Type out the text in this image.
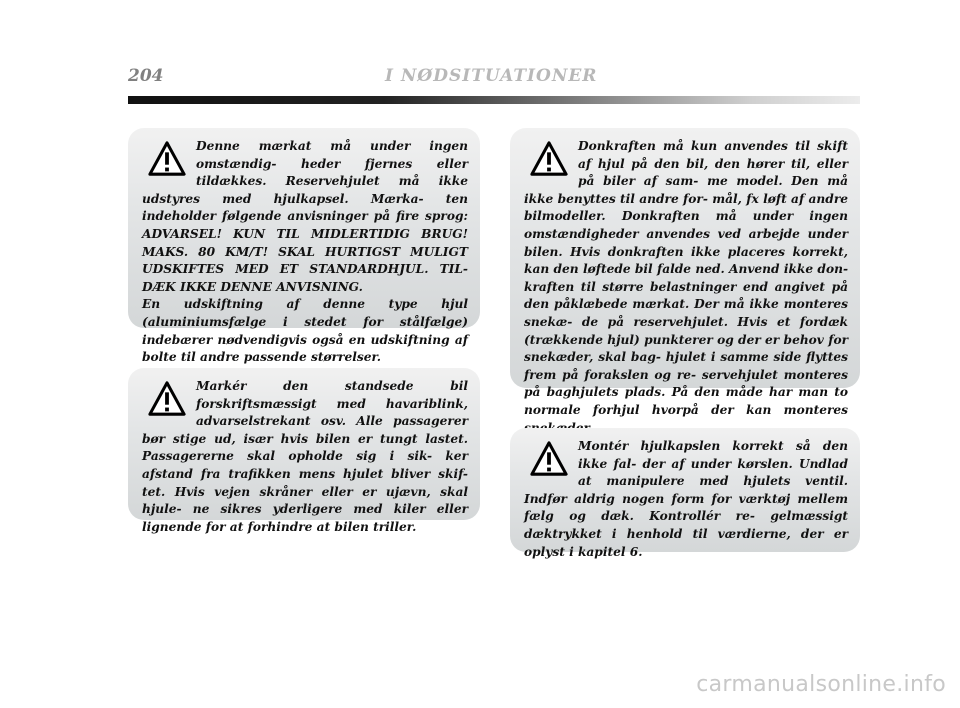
204	I NØDSITUATIONER

Denne mærkat må under ingen omstændig- heder fjernes eller tildækkes. Reservehjulet må ikke udstyres med hjulkapsel. Mærka- ten indeholder følgende anvisninger på fire sprog: ADVARSEL! KUN TIL MIDLERTIDIG BRUG! MAKS. 80 KM/T! SKAL HURTIGST MULIGT UDSKIFTES MED ET STANDARDHJUL. TIL- DÆK IKKE DENNE ANVISNING.

En udskiftning af denne type hjul (aluminiumsfælge i stedet for stålfælge) indebærer nødvendigvis også en udskiftning af bolte til andre passende størrelser.

Markér den standsede bil forskriftsmæssigt med havariblink, advarselstrekant osv. Alle passagerer bør stige ud, især hvis bilen er tungt lastet. Passagererne skal opholde sig i sik- ker afstand fra trafikken mens hjulet bliver skif- tet. Hvis vejen skråner eller er ujævn, skal hjule- ne sikres yderligere med kiler eller lignende for at forhindre at bilen triller.

Donkraften må kun anvendes til skift af hjul på den bil, den hører til, eller på biler af sam- me model. Den må ikke benyttes til andre for- mål, fx løft af andre bilmodeller. Donkraften må under ingen omstændigheder anvendes ved arbejde under bilen. Hvis donkraften ikke placeres korrekt, kan den løftede bil falde ned. Anvend ikke don- kraften til større belastninger end angivet på den påklæbede mærkat. Der må ikke monteres snekæ- de på reservehjulet. Hvis et fordæk (trækkende hjul) punkterer og der er behov for snekæder, skal bag- hjulet i samme side flyttes frem på forakslen og re- servehjulet monteres på baghjulets plads. På den måde har man to normale forhjul hvorpå der kan monteres

Montér hjulkapslen korrekt så den ikke fal- der af under kørslen. Undlad at manipulere med hjulets ventil. Indfør aldrig nogen form for værktøj mellem fælg og dæk. Kontrollér re- gelmæssigt dæktrykket i henhold til værdierne, der er oplyst i kapitel 6.

carmanualsonline.info
